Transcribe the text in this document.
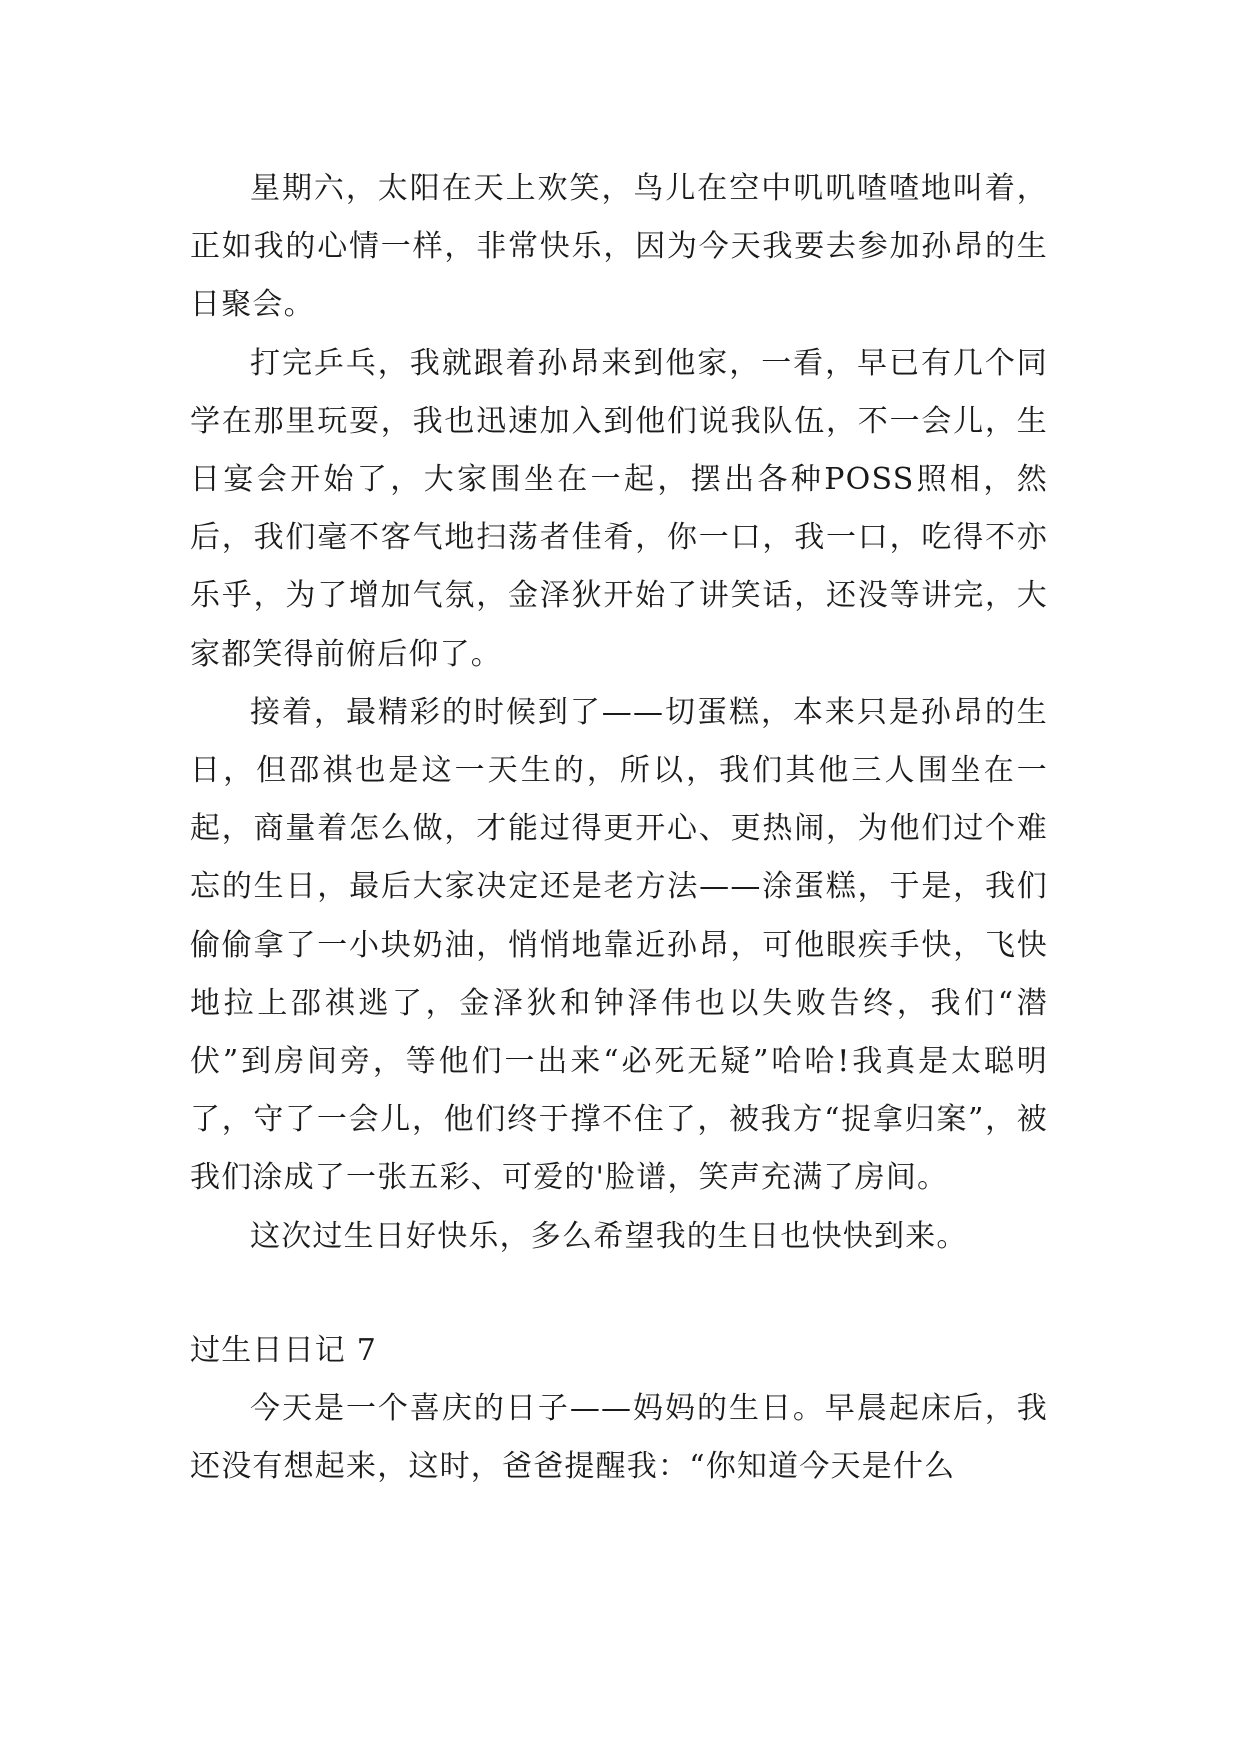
星期六，太阳在天上欢笑，鸟儿在空中叽叽喳喳地叫着，正如我的心情一样，非常快乐，因为今天我要去参加孙昂的生日聚会。

打完乒乓，我就跟着孙昂来到他家，一看，早已有几个同学在那里玩耍，我也迅速加入到他们说我队伍，不一会儿，生日宴会开始了，大家围坐在一起，摆出各种POSS照相，然后，我们毫不客气地扫荡者佳肴，你一口，我一口，吃得不亦乐乎，为了增加气氛，金泽狄开始了讲笑话，还没等讲完，大家都笑得前俯后仰了。

接着，最精彩的时候到了——切蛋糕，本来只是孙昂的生日，但邵祺也是这一天生的，所以，我们其他三人围坐在一起，商量着怎么做，才能过得更开心、更热闹，为他们过个难忘的生日，最后大家决定还是老方法——涂蛋糕，于是，我们偷偷拿了一小块奶油，悄悄地靠近孙昂，可他眼疾手快，飞快地拉上邵祺逃了，金泽狄和钟泽伟也以失败告终，我们“潜伏”到房间旁，等他们一出来“必死无疑”哈哈!我真是太聪明了，守了一会儿，他们终于撑不住了，被我方“捉拿归案”，被我们涂成了一张五彩、可爱的'脸谱，笑声充满了房间。

这次过生日好快乐，多么希望我的生日也快快到来。

过生日日记 7

今天是一个喜庆的日子——妈妈的生日。早晨起床后，我还没有想起来，这时，爸爸提醒我：“你知道今天是什么
